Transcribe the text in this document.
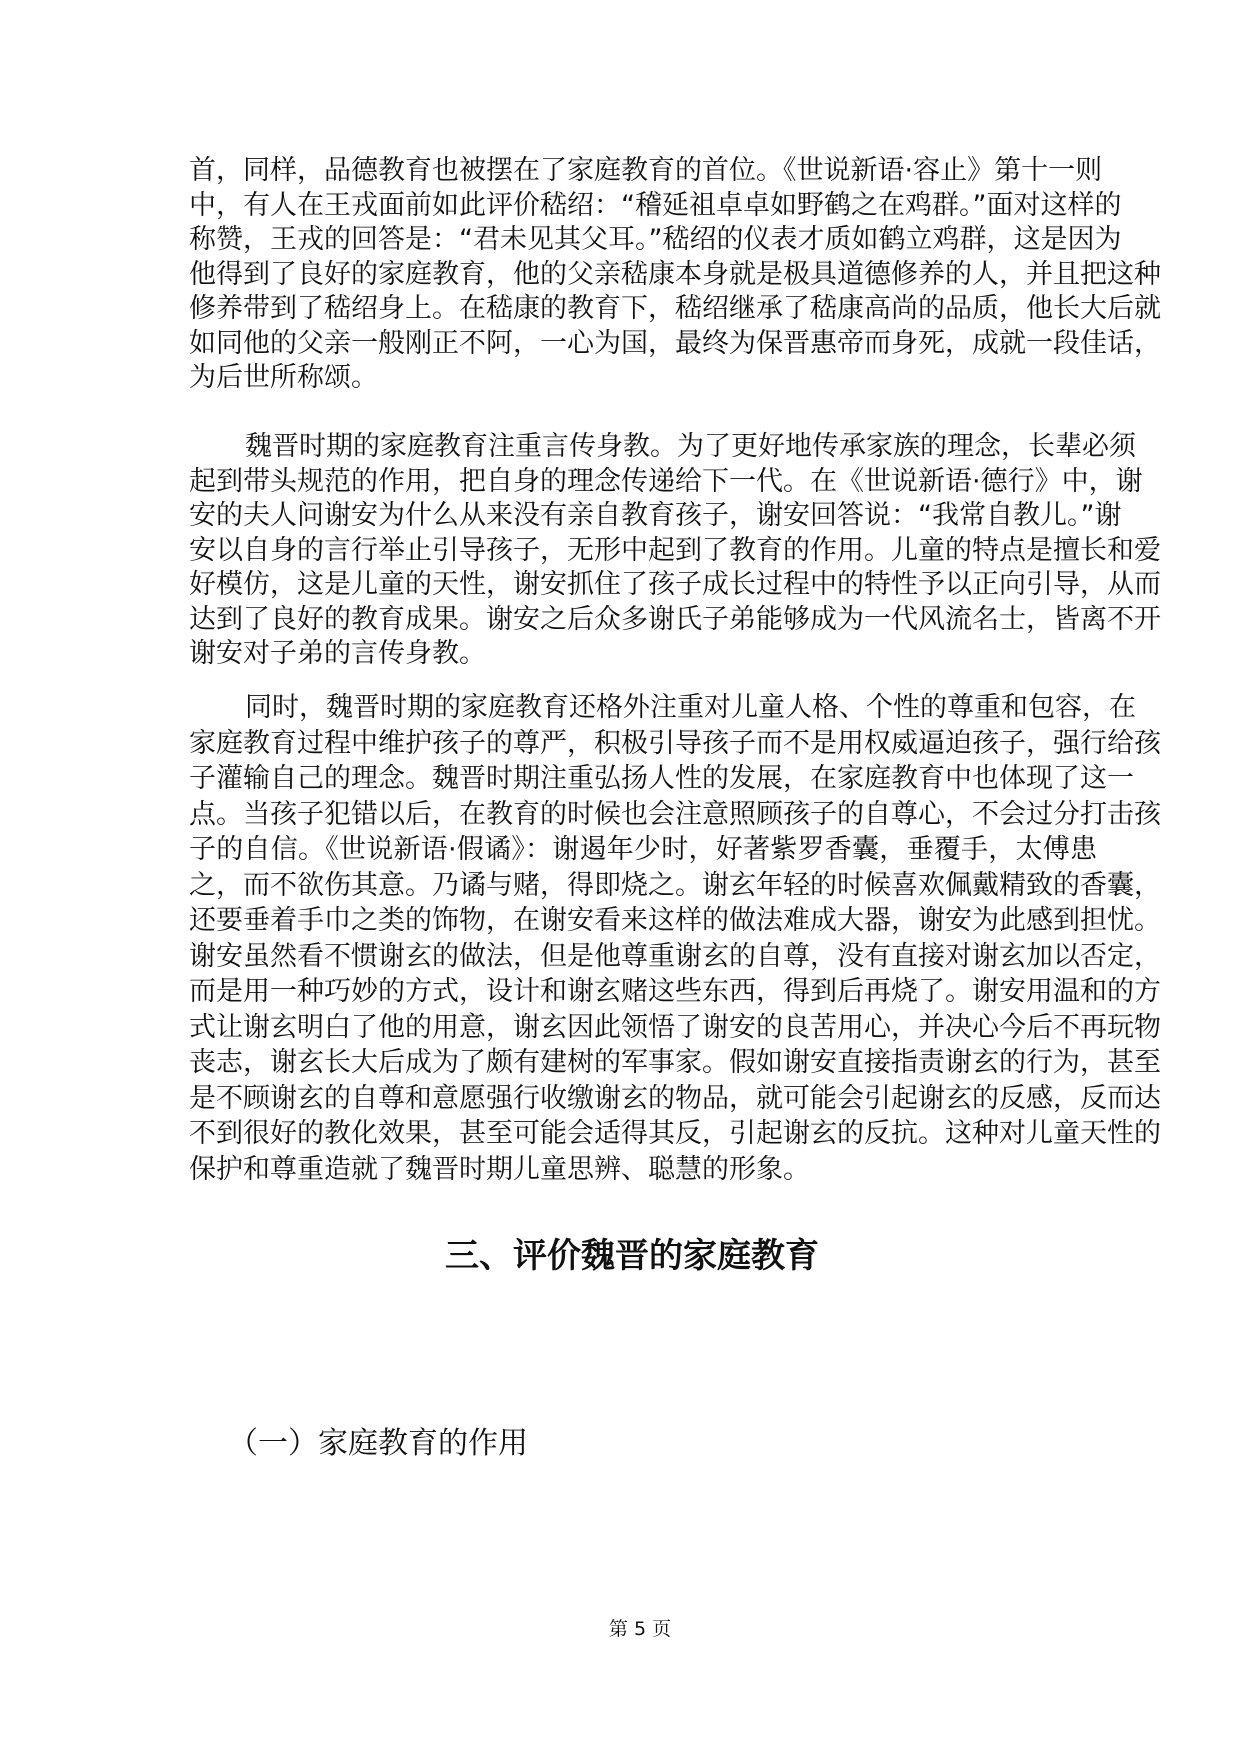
首，同样，品德教育也被摆在了家庭教育的首位。《世说新语·容止》第十一则
中，有人在王戎面前如此评价嵇绍：“稽延祖卓卓如野鹤之在鸡群。”面对这样的
称赞，王戎的回答是：“君未见其父耳。”嵇绍的仪表才质如鹤立鸡群，这是因为
他得到了良好的家庭教育，他的父亲嵇康本身就是极具道德修养的人，并且把这种
修养带到了嵇绍身上。在嵇康的教育下，嵇绍继承了嵇康高尚的品质，他长大后就
如同他的父亲一般刚正不阿，一心为国，最终为保晋惠帝而身死，成就一段佳话，
为后世所称颂。
魏晋时期的家庭教育注重言传身教。为了更好地传承家族的理念，长辈必须
起到带头规范的作用，把自身的理念传递给下一代。在《世说新语·德行》中，谢
安的夫人问谢安为什么从来没有亲自教育孩子，谢安回答说：“我常自教儿。”谢
安以自身的言行举止引导孩子，无形中起到了教育的作用。儿童的特点是擅长和爱
好模仿，这是儿童的天性，谢安抓住了孩子成长过程中的特性予以正向引导，从而
达到了良好的教育成果。谢安之后众多谢氏子弟能够成为一代风流名士，皆离不开
谢安对子弟的言传身教。
同时，魏晋时期的家庭教育还格外注重对儿童人格、个性的尊重和包容，在
家庭教育过程中维护孩子的尊严，积极引导孩子而不是用权威逼迫孩子，强行给孩
子灌输自己的理念。魏晋时期注重弘扬人性的发展，在家庭教育中也体现了这一
点。当孩子犯错以后，在教育的时候也会注意照顾孩子的自尊心，不会过分打击孩
子的自信。《世说新语·假谲》：谢遏年少时，好著紫罗香囊，垂覆手，太傅患
之，而不欲伤其意。乃谲与赌，得即烧之。谢玄年轻的时候喜欢佩戴精致的香囊，
还要垂着手巾之类的饰物，在谢安看来这样的做法难成大器，谢安为此感到担忧。
谢安虽然看不惯谢玄的做法，但是他尊重谢玄的自尊，没有直接对谢玄加以否定，
而是用一种巧妙的方式，设计和谢玄赌这些东西，得到后再烧了。谢安用温和的方
式让谢玄明白了他的用意，谢玄因此领悟了谢安的良苦用心，并决心今后不再玩物
丧志，谢玄长大后成为了颇有建树的军事家。假如谢安直接指责谢玄的行为，甚至
是不顾谢玄的自尊和意愿强行收缴谢玄的物品，就可能会引起谢玄的反感，反而达
不到很好的教化效果，甚至可能会适得其反，引起谢玄的反抗。这种对儿童天性的
保护和尊重造就了魏晋时期儿童思辨、聪慧的形象。
三、评价魏晋的家庭教育
（一）家庭教育的作用
第 5 页
